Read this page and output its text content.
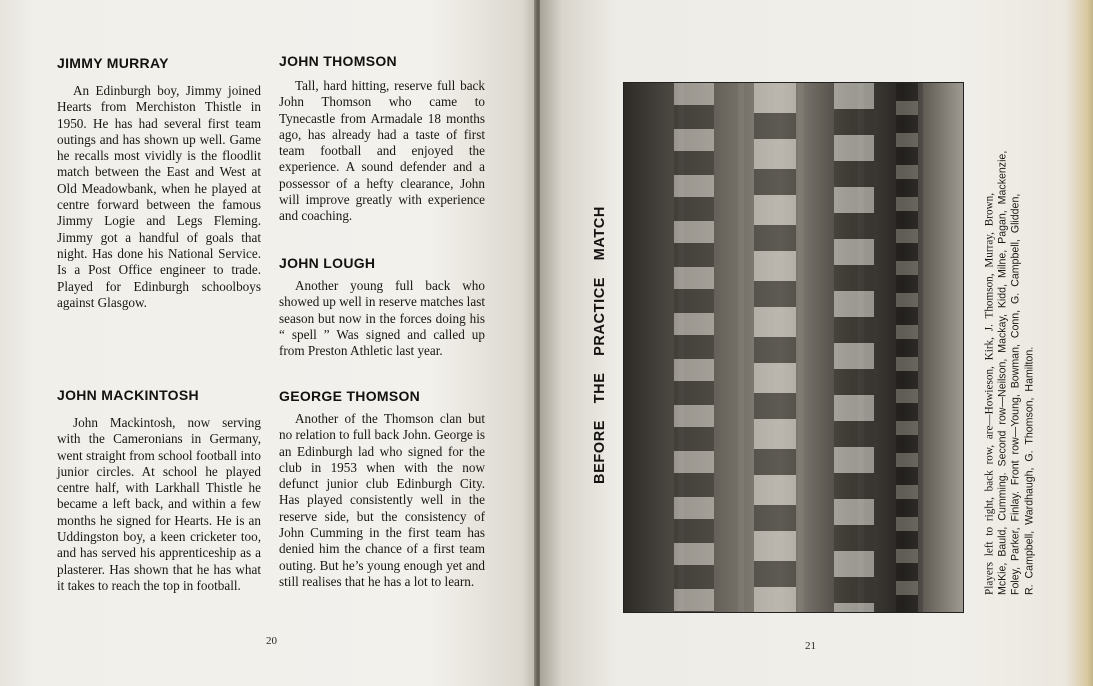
JIMMY MURRAY

An Edinburgh boy, Jimmy joined Hearts from Merchiston Thistle in 1950. He has had several first team outings and has shown up well. Game he recalls most vividly is the floodlit match between the East and West at Old Meadowbank, when he played at centre forward between the famous Jimmy Logie and Legs Fleming. Jimmy got a handful of goals that night. Has done his National Service. Is a Post Office engineer to trade. Played for Edinburgh schoolboys against Glasgow.

JOHN MACKINTOSH

John Mackintosh, now serving with the Cameronians in Germany, went straight from school football into junior circles. At school he played centre half, with Larkhall Thistle he became a left back, and within a few months he signed for Hearts. He is an Uddingston boy, a keen cricketer too, and has served his apprenticeship as a plasterer. Has shown that he has what it takes to reach the top in football.

JOHN THOMSON

Tall, hard hitting, reserve full back John Thomson who came to Tynecastle from Armadale 18 months ago, has already had a taste of first team football and enjoyed the experience. A sound defender and a possessor of a hefty clearance, John will improve greatly with experience and coaching.

JOHN LOUGH

Another young full back who showed up well in reserve matches last season but now in the forces doing his “ spell ” Was signed and called up from Preston Athletic last year.

GEORGE THOMSON

Another of the Thomson clan but no relation to full back John. George is an Edinburgh lad who signed for the club in 1953 when with the now defunct junior club Edinburgh City. Has played consistently well in the reserve side, but the consistency of John Cumming in the first team has denied him the chance of a first team outing. But he’s young enough yet and still realises that he has a lot to learn.

20	21
BEFORE THE PRACTICE MATCH	Players left to right, back row, are—Howieson, Kirk, J. Thomson, Murray, Brown, McKie, Bauld, Cumming. Second row—Neilson, Mackay, Kidd, Milne, Pagan, Mackenzie, Foley, Parker, Finlay. Front row—Young, Bowman, Conn, G. Campbell, Glidden, R. Campbell, Wardhaugh, G. Thomson, Hamilton.
